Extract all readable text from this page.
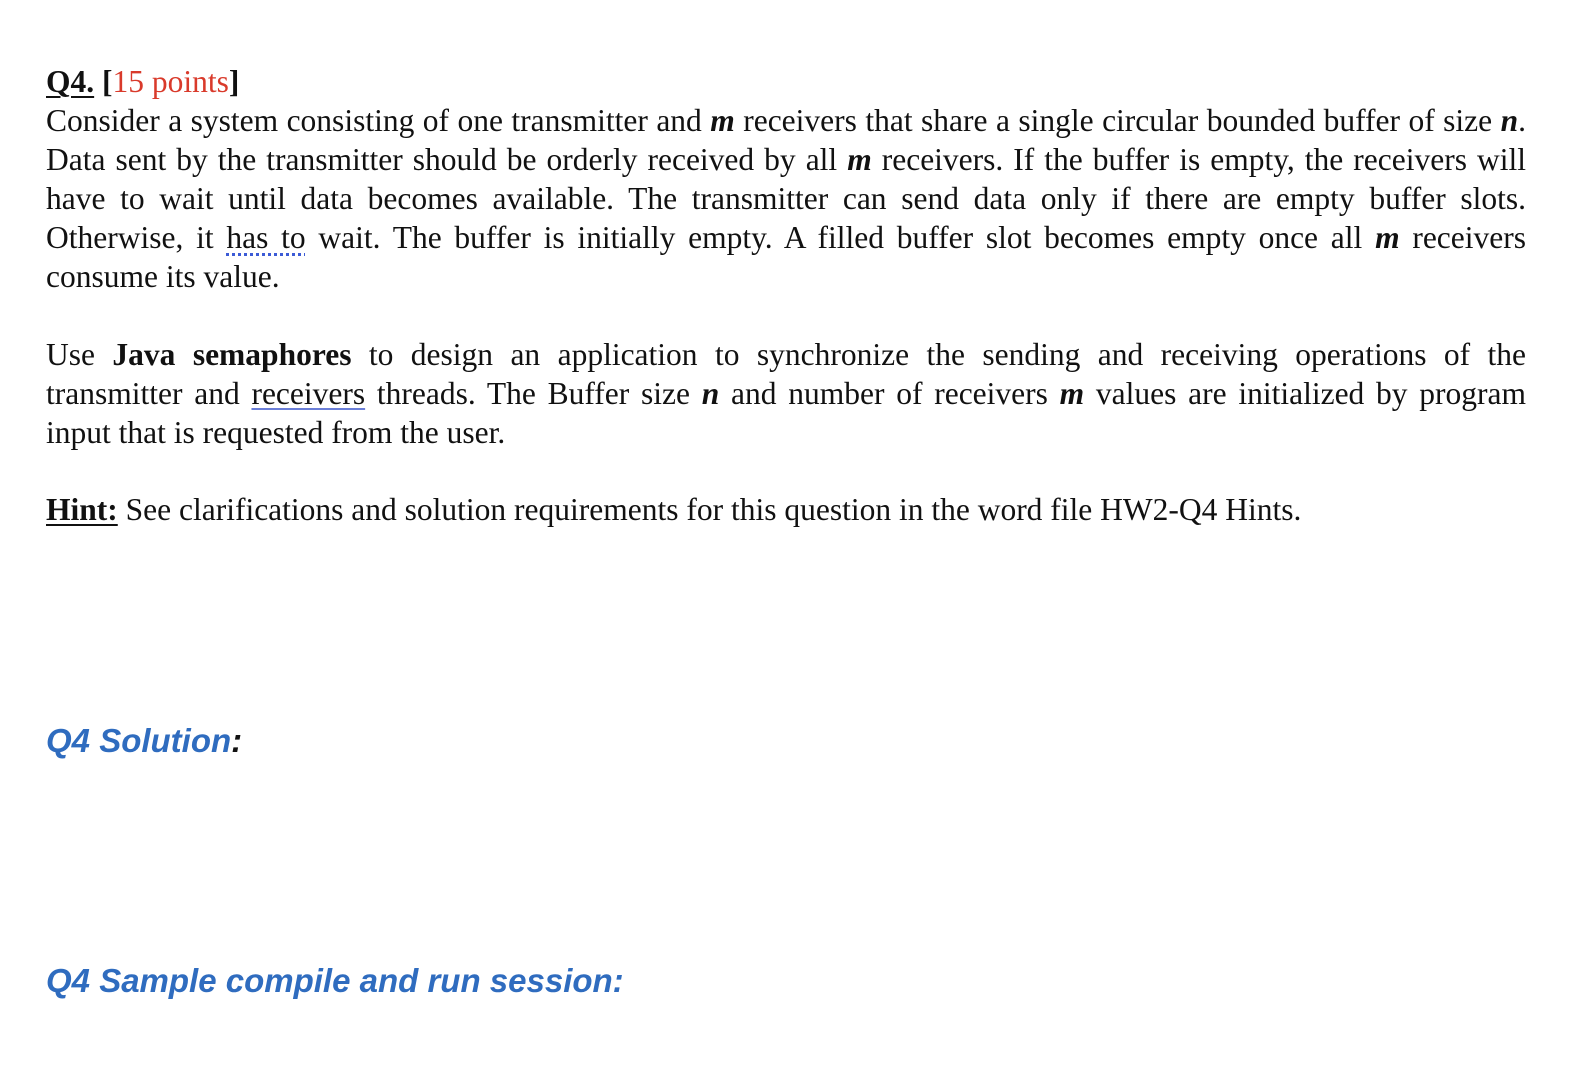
Q4. [15 points]

Consider a system consisting of one transmitter and m receivers that share a single circular bounded buffer of size n. Data sent by the transmitter should be orderly received by all m receivers. If the buffer is empty, the receivers will have to wait until data becomes available. The transmitter can send data only if there are empty buffer slots. Otherwise, it has to wait. The buffer is initially empty. A filled buffer slot becomes empty once all m receivers consume its value.

Use Java semaphores to design an application to synchronize the sending and receiving operations of the transmitter and receivers threads. The Buffer size n and number of receivers m values are initialized by program input that is requested from the user.

Hint: See clarifications and solution requirements for this question in the word file HW2-Q4 Hints.

Q4 Solution:

Q4 Sample compile and run session:
